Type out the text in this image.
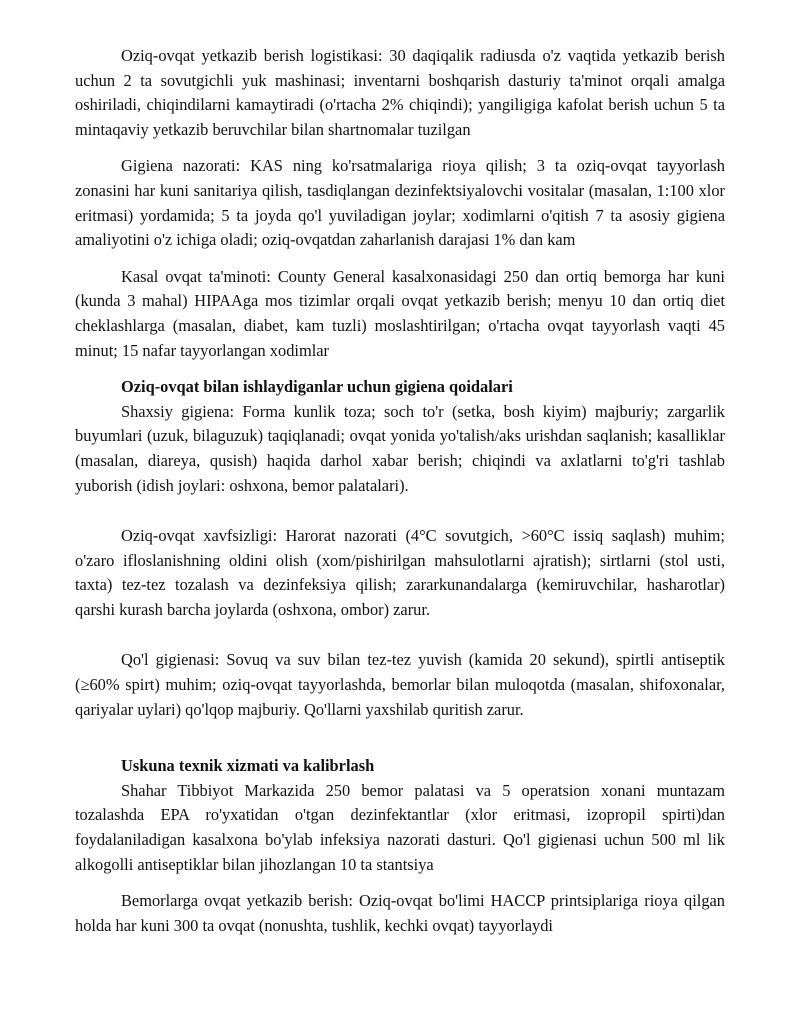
Oziq-ovqat yetkazib berish logistikasi: 30 daqiqalik radiusda o'z vaqtida yetkazib berish uchun 2 ta sovutgichli yuk mashinasi; inventarni boshqarish dasturiy ta'minot orqali amalga oshiriladi, chiqindilarni kamaytiradi (o'rtacha 2% chiqindi); yangiligiga kafolat berish uchun 5 ta mintaqaviy yetkazib beruvchilar bilan shartnomalar tuzilgan

Gigiena nazorati: KAS ning ko'rsatmalariga rioya qilish; 3 ta oziq-ovqat tayyorlash zonasini har kuni sanitariya qilish, tasdiqlangan dezinfektsiyalovchi vositalar (masalan, 1:100 xlor eritmasi) yordamida; 5 ta joyda qo'l yuviladigan joylar; xodimlarni o'qitish 7 ta asosiy gigiena amaliyotini o'z ichiga oladi; oziq-ovqatdan zaharlanish darajasi 1% dan kam

Kasal ovqat ta'minoti: County General kasalxonasidagi 250 dan ortiq bemorga har kuni (kunda 3 mahal) HIPAAga mos tizimlar orqali ovqat yetkazib berish; menyu 10 dan ortiq diet cheklashlarga (masalan, diabet, kam tuzli) moslashtirilgan; o'rtacha ovqat tayyorlash vaqti 45 minut; 15 nafar tayyorlangan xodimlar

Oziq-ovqat bilan ishlaydiganlar uchun gigiena qoidalari

Shaxsiy gigiena: Forma kunlik toza; soch to'r (setka, bosh kiyim) majburiy; zargarlik buyumlari (uzuk, bilaguzuk) taqiqlanadi; ovqat yonida yo'talish/aks urishdan saqlanish; kasalliklar (masalan, diareya, qusish) haqida darhol xabar berish; chiqindi va axlatlarni to'g'ri tashlab yuborish (idish joylari: oshxona, bemor palatalari).

Oziq-ovqat xavfsizligi: Harorat nazorati (4°C sovutgich, >60°C issiq saqlash) muhim; o'zaro ifloslanishning oldini olish (xom/pishirilgan mahsulotlarni ajratish); sirtlarni (stol usti, taxta) tez-tez tozalash va dezinfeksiya qilish; zararkunandalarga (kemiruvchilar, hasharotlar) qarshi kurash barcha joylarda (oshxona, ombor) zarur.

Qo'l gigienasi: Sovuq va suv bilan tez-tez yuvish (kamida 20 sekund), spirtli antiseptik (≥60% spirt) muhim; oziq-ovqat tayyorlashda, bemorlar bilan muloqotda (masalan, shifoxonalar, qariyalar uylari) qo'lqop majburiy. Qo'llarni yaxshilab quritish zarur.

Uskuna texnik xizmati va kalibrlash

Shahar Tibbiyot Markazida 250 bemor palatasi va 5 operatsion xonani muntazam tozalashda EPA ro'yxatidan o'tgan dezinfektantlar (xlor eritmasi, izopropil spirti)dan foydalaniladigan kasalxona bo'ylab infeksiya nazorati dasturi. Qo'l gigienasi uchun 500 ml lik alkogolli antiseptiklar bilan jihozlangan 10 ta stantsiya

Bemorlarga ovqat yetkazib berish: Oziq-ovqat bo'limi HACCP printsiplariga rioya qilgan holda har kuni 300 ta ovqat (nonushta, tushlik, kechki ovqat) tayyorlaydi
